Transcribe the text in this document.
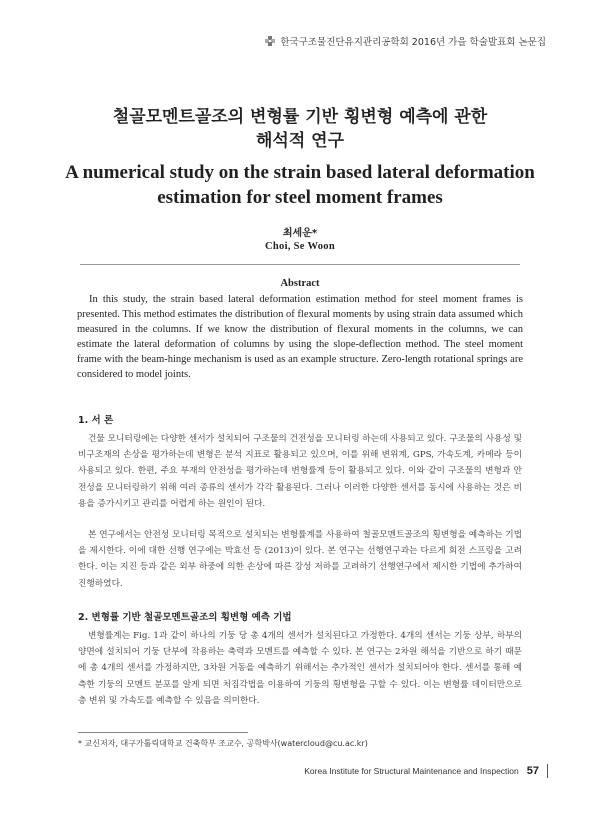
한국구조물진단유지관리공학회 2016년 가을 학술발표회 논문집
철골모멘트골조의 변형률 기반 횡변형 예측에 관한
해석적 연구
A numerical study on the strain based lateral deformation
estimation for steel moment frames
최세운*
Choi, Se Woon
Abstract
In this study, the strain based lateral deformation estimation method for steel moment frames is presented. This method estimates the distribution of flexural moments by using strain data assumed which measured in the columns. If we know the distribution of flexural moments in the columns, we can estimate the lateral deformation of columns by using the slope-deflection method. The steel moment frame with the beam-hinge mechanism is used as an example structure. Zero-length rotational springs are considered to model joints.
1. 서 론
건물 모니터링에는 다양한 센서가 설치되어 구조물의 건전성을 모니터링 하는데 사용되고 있다. 구조물의 사용성 및 비구조재의 손상을 평가하는데 변형은 분석 지표로 활용되고 있으며, 이를 위해 변위계, GPS, 가속도계, 카메라 등이 사용되고 있다. 한편, 주요 부재의 안전성을 평가하는데 변형률계 등이 활용되고 있다. 이와 같이 구조물의 변형과 안전성을 모니터링하기 위해 여러 종류의 센서가 각각 활용된다. 그러나 이러한 다양한 센서를 동시에 사용하는 것은 비용을 증가시키고 관리를 어렵게 하는 원인이 된다.
본 연구에서는 안전성 모니터링 목적으로 설치되는 변형률계를 사용하여 철골모멘트골조의 횡변형을 예측하는 기법을 제시한다. 이에 대한 선행 연구에는 박효선 등 (2013)이 있다. 본 연구는 선행연구과는 다르게 회전 스프링을 고려한다. 이는 지진 등과 같은 외부 하중에 의한 손상에 따른 강성 저하를 고려하기 선행연구에서 제시한 기법에 추가하여 진행하였다.
2. 변형률 기반 철골모멘트골조의 횡변형 예측 기법
변형률계는 Fig. 1과 같이 하나의 기둥 당 총 4개의 센서가 설치된다고 가정한다. 4개의 센서는 기둥 상부, 하부의 양면에 설치되어 기둥 단부에 작용하는 축력과 모멘트를 예측할 수 있다. 본 연구는 2차원 해석을 기반으로 하기 때문에 총 4개의 센서를 가정하지만, 3차원 거동을 예측하기 위해서는 추가적인 센서가 설치되어야 한다. 센서를 통해 예측한 기둥의 모멘트 분포를 알게 되면 처짐각법을 이용하여 기둥의 횡변형을 구할 수 있다. 이는 변형률 데이터만으로 층 변위 및 가속도를 예측할 수 있음을 의미한다.
* 교신저자, 대구가톨릭대학교 건축학부 조교수, 공학박사(watercloud@cu.ac.kr)
Korea Institute for Structural Maintenance and Inspection 57
